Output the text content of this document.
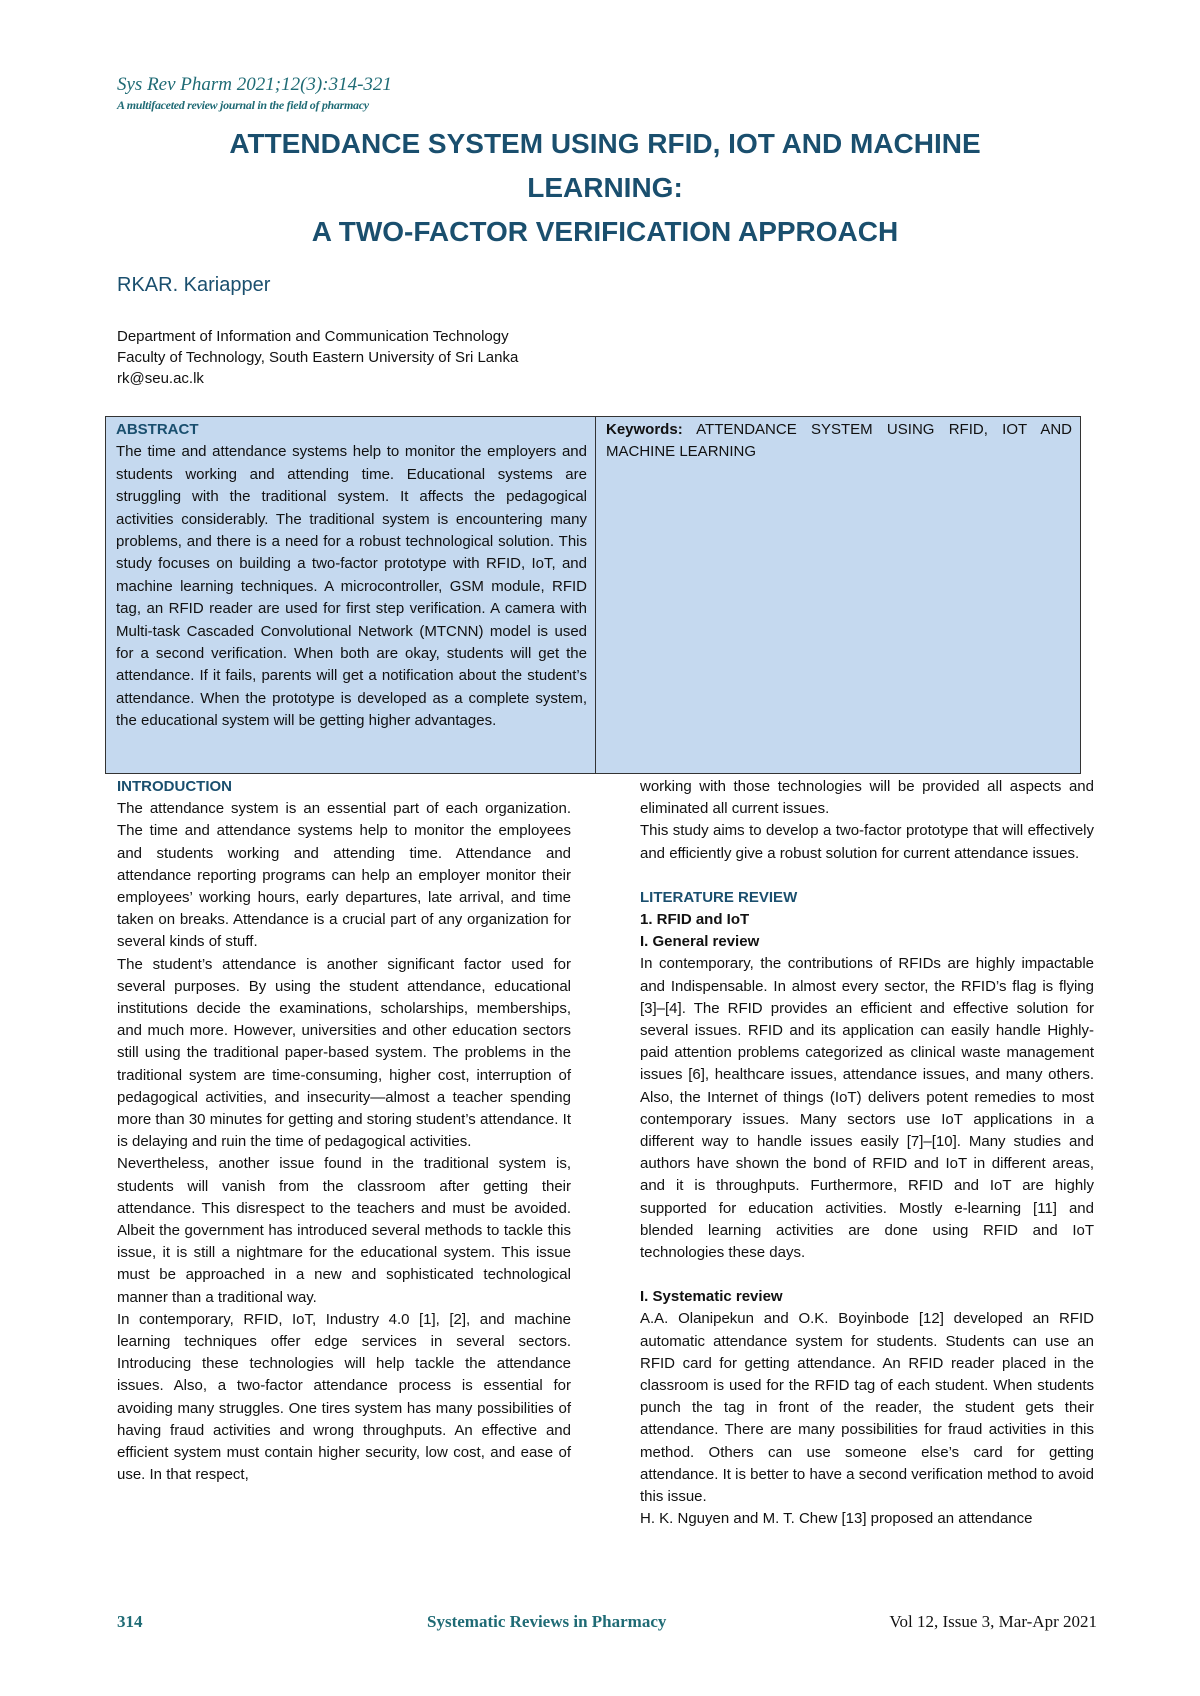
Sys Rev Pharm 2021;12(3):314-321
A multifaceted review journal in the field of pharmacy
ATTENDANCE SYSTEM USING RFID, IOT AND MACHINE
LEARNING:
A TWO-FACTOR VERIFICATION APPROACH
RKAR. Kariapper
Department of Information and Communication Technology
Faculty of Technology, South Eastern University of Sri Lanka
rk@seu.ac.lk
ABSTRACT
The time and attendance systems help to monitor the employers and students working and attending time. Educational systems are struggling with the traditional system. It affects the pedagogical activities considerably. The traditional system is encountering many problems, and there is a need for a robust technological solution. This study focuses on building a two-factor prototype with RFID, IoT, and machine learning techniques. A microcontroller, GSM module, RFID tag, an RFID reader are used for first step verification. A camera with Multi-task Cascaded Convolutional Network (MTCNN) model is used for a second verification. When both are okay, students will get the attendance. If it fails, parents will get a notification about the student’s attendance. When the prototype is developed as a complete system, the educational system will be getting higher advantages.
Keywords: ATTENDANCE SYSTEM USING RFID, IOT AND MACHINE LEARNING

INTRODUCTION

The attendance system is an essential part of each organization. The time and attendance systems help to monitor the employees and students working and attending time. Attendance and attendance reporting programs can help an employer monitor their employees’ working hours, early departures, late arrival, and time taken on breaks. Attendance is a crucial part of any organization for several kinds of stuff.

The student’s attendance is another significant factor used for several purposes. By using the student attendance, educational institutions decide the examinations, scholarships, memberships, and much more. However, universities and other education sectors still using the traditional paper-based system. The problems in the traditional system are time-consuming, higher cost, interruption of pedagogical activities, and insecurity—almost a teacher spending more than 30 minutes for getting and storing student’s attendance. It is delaying and ruin the time of pedagogical activities.

Nevertheless, another issue found in the traditional system is, students will vanish from the classroom after getting their attendance. This disrespect to the teachers and must be avoided. Albeit the government has introduced several methods to tackle this issue, it is still a nightmare for the educational system. This issue must be approached in a new and sophisticated technological manner than a traditional way.

In contemporary, RFID, IoT, Industry 4.0 [1], [2], and machine learning techniques offer edge services in several sectors. Introducing these technologies will help tackle the attendance issues. Also, a two-factor attendance process is essential for avoiding many struggles. One tires system has many possibilities of having fraud activities and wrong throughputs. An effective and efficient system must contain higher security, low cost, and ease of use. In that respect,

working with those technologies will be provided all aspects and eliminated all current issues.

This study aims to develop a two-factor prototype that will effectively and efficiently give a robust solution for current attendance issues.

LITERATURE REVIEW

1. RFID and IoT

I. General review

In contemporary, the contributions of RFIDs are highly impactable and Indispensable. In almost every sector, the RFID’s flag is flying [3]–[4]. The RFID provides an efficient and effective solution for several issues. RFID and its application can easily handle Highly-paid attention problems categorized as clinical waste management issues [6], healthcare issues, attendance issues, and many others. Also, the Internet of things (IoT) delivers potent remedies to most contemporary issues. Many sectors use IoT applications in a different way to handle issues easily [7]–[10]. Many studies and authors have shown the bond of RFID and IoT in different areas, and it is throughputs. Furthermore, RFID and IoT are highly supported for education activities. Mostly e-learning [11] and blended learning activities are done using RFID and IoT technologies these days.

I. Systematic review

A.A. Olanipekun and O.K. Boyinbode [12] developed an RFID automatic attendance system for students. Students can use an RFID card for getting attendance. An RFID reader placed in the classroom is used for the RFID tag of each student. When students punch the tag in front of the reader, the student gets their attendance. There are many possibilities for fraud activities in this method. Others can use someone else’s card for getting attendance. It is better to have a second verification method to avoid this issue.

H. K. Nguyen and M. T. Chew [13] proposed an attendance

314	Systematic Reviews in Pharmacy	Vol 12, Issue 3, Mar-Apr 2021
